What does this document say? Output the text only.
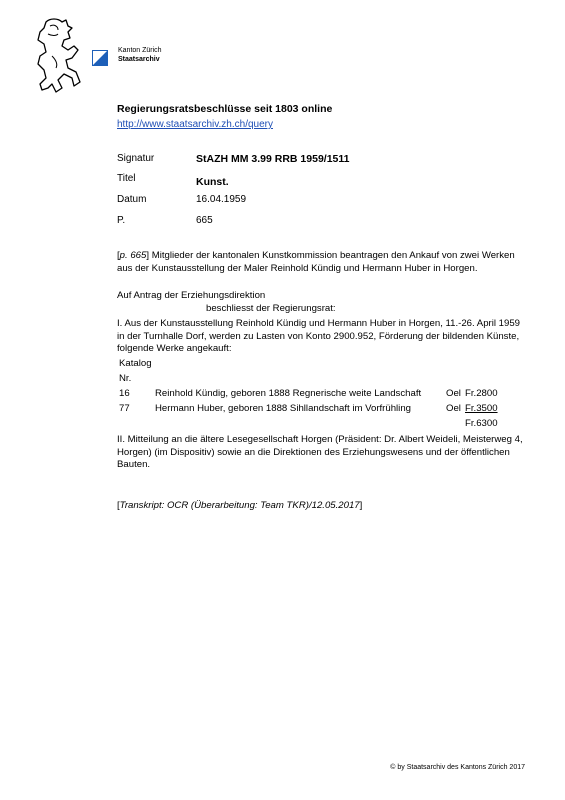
Kanton Zürich
Staatsarchiv
Regierungsratsbeschlüsse seit 1803 online
http://www.staatsarchiv.zh.ch/query
Signatur	StAZH MM 3.99 RRB 1959/1511
Titel	Kunst.
Datum	16.04.1959
P.	665
[p. 665] Mitglieder der kantonalen Kunstkommission beantragen den Ankauf von zwei Werken aus der Kunstausstellung der Maler Reinhold Kündig und Hermann Huber in Horgen.
Auf Antrag der Erziehungsdirektion
beschliesst der Regierungsrat:
I. Aus der Kunstausstellung Reinhold Kündig und Hermann Huber in Horgen, 11.-26. April 1959 in der Turnhalle Dorf, werden zu Lasten von Konto 2900.952, Förderung der bildenden Künste, folgende Werke angekauft:
Katalog
Nr.
16	Reinhold Kündig, geboren 1888 Regnerische weite Landschaft	Oel Fr.2800
77	Hermann Huber, geboren 1888 Sihllandschaft im Vorfrühling	Oel Fr.3500
Fr.6300
II. Mitteilung an die ältere Lesegesellschaft Horgen (Präsident: Dr. Albert Weideli, Meisterweg 4, Horgen) (im Dispositiv) sowie an die Direktionen des Erziehungswesens und der öffentlichen Bauten.
[Transkript: OCR (Überarbeitung: Team TKR)/12.05.2017]
© by Staatsarchiv des Kantons Zürich 2017
